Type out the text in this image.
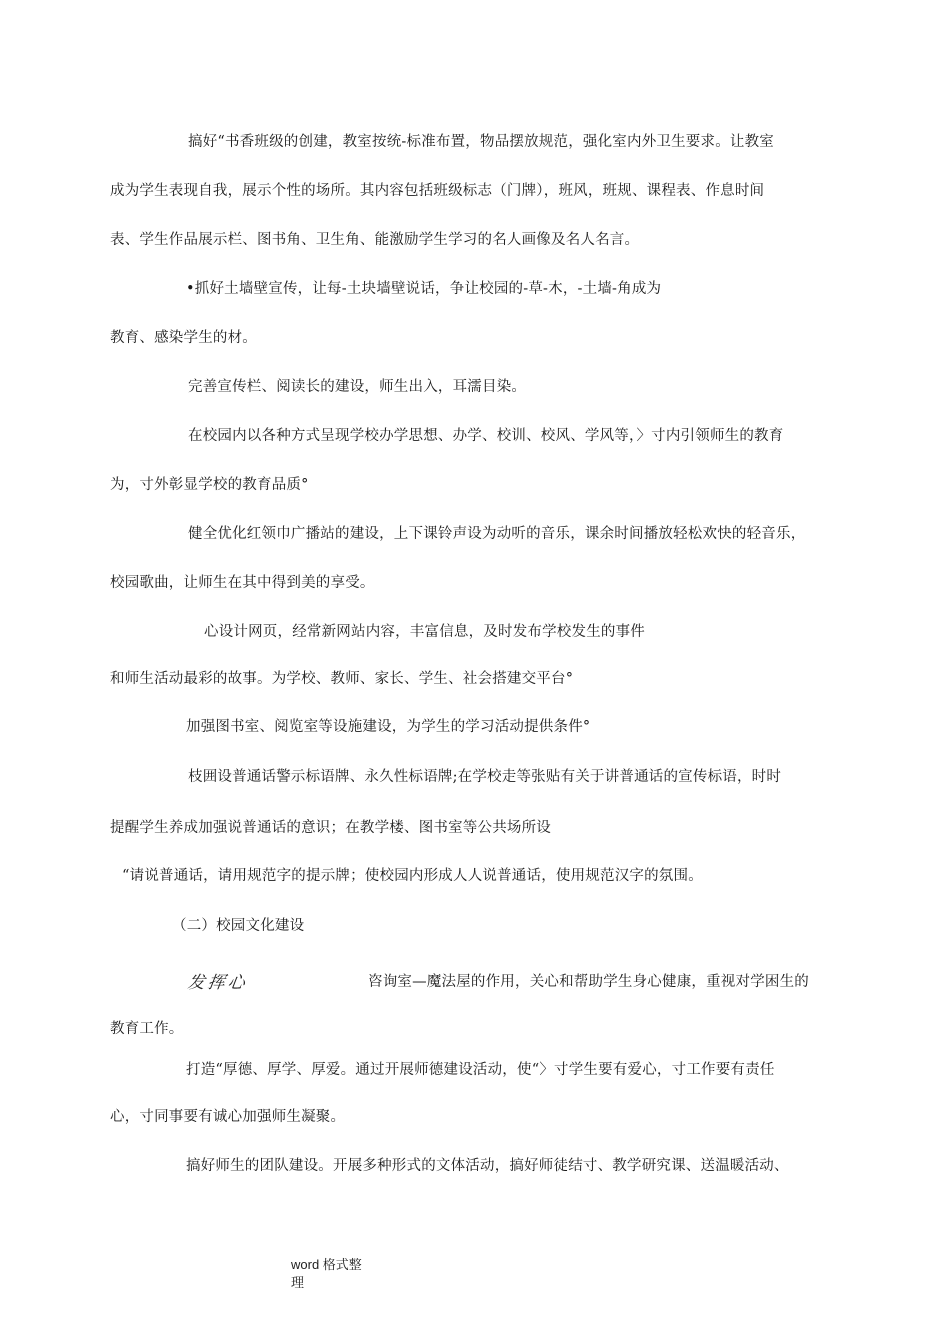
搞好“书香班级的创建，教室按统-标准布置，物品摆放规范，强化室内外卫生要求。让教室
成为学生表现自我，展示个性的场所。其内容包括班级标志（门牌），班风，班规、课程表、作息时间
表、学生作品展示栏、图书角、卫生角、能激励学生学习的名人画像及名人名言。
•抓好土墙壁宣传，让每-土块墙壁说话，争让校园的-草-木，-土墙-角成为
教育、感染学生的材。
完善宣传栏、阅读长的建设，师生出入，耳濡目染。
在校园内以各种方式呈现学校办学思想、办学、校训、校风、学风等，〉寸内引领师生的教育
为，寸外彰显学校的教育品质°
健全优化红领巾广播站的建设，上下课铃声设为动听的音乐，课余时间播放轻松欢快的轻音乐，
校园歌曲，让师生在其中得到美的享受。
心设计网页，经常新网站内容，丰富信息，及时发布学校发生的事件
和师生活动最彩的故事。为学校、教师、家长、学生、社会搭建交平台°
加强图书室、阅览室等设施建设，为学生的学习活动提供条件°
枝囲设普通话警示标语牌、永久性标语牌;在学校走等张贴有关于讲普通话的宣传标语，时时
提醒学生养成加强说普通话的意识；在教学楼、图书室等公共场所设
“请说普通话，请用规范字的提示牌；使校园内形成人人说普通话，使用规范汉字的氛围。
（二）校园文化建设
发挥心	咨询室—魔法屋的作用，关心和帮助学生身心健康，重视对学困生的
教育工作。
打造“厚德、厚学、厚爱。通过开展师德建设活动，使“〉寸学生要有爱心，寸工作要有责任
心，寸同事要有诚心加强师生凝聚。
搞好师生的团队建设。开展多种形式的文体活动，搞好师徒结寸、教学研究课、送温暖活动、
word 格式整
理
